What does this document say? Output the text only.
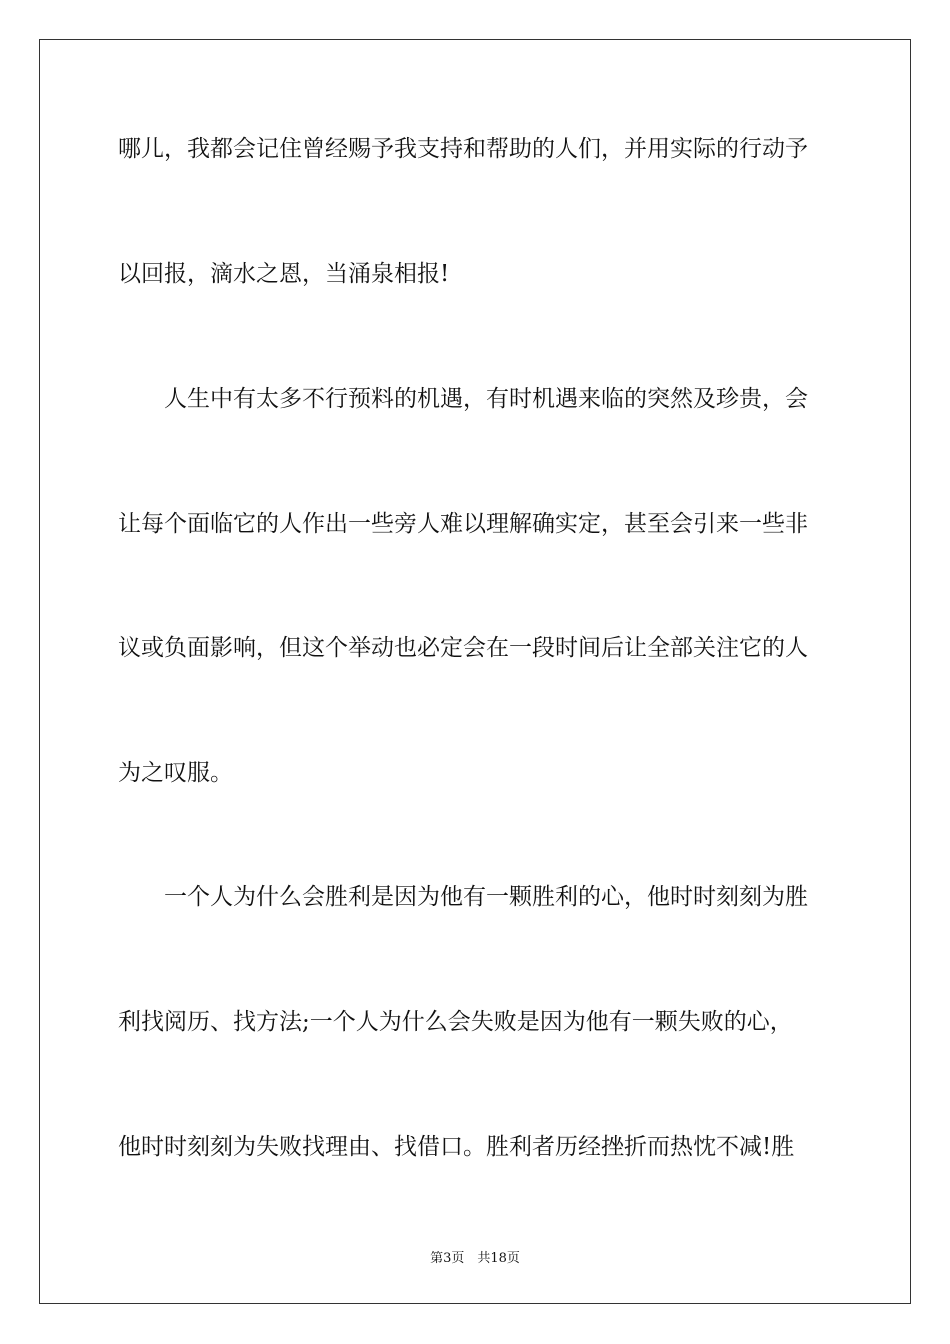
哪儿，我都会记住曾经赐予我支持和帮助的人们，并用实际的行动予
以回报，滴水之恩，当涌泉相报!
人生中有太多不行预料的机遇，有时机遇来临的突然及珍贵，会
让每个面临它的人作出一些旁人难以理解确实定，甚至会引来一些非
议或负面影响，但这个举动也必定会在一段时间后让全部关注它的人
为之叹服。
一个人为什么会胜利是因为他有一颗胜利的心，他时时刻刻为胜
利找阅历、找方法;一个人为什么会失败是因为他有一颗失败的心，
他时时刻刻为失败找理由、找借口。胜利者历经挫折而热忱不减!胜
第3页　共18页
